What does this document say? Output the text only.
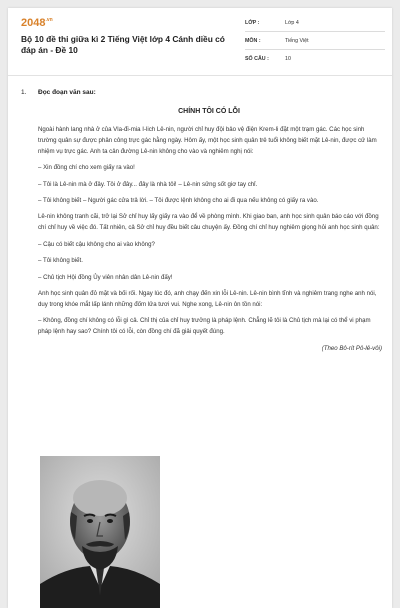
$2048^{.vn}$
Bộ 10 đề thi giữa kì 2 Tiếng Việt lớp 4 Cánh diều có đáp án - Đề 10
LỚP :	Lớp 4
MÔN :	Tiếng Việt
SỐ CÂU :	10
1. Đọc đoạn văn sau:
CHÍNH TÔI CÓ LỖI

Ngoài hành lang nhà ở của Vla-đi-mia I-lich Lê-nin, người chỉ huy đội bảo vệ điện Krem-li đặt một trạm gác. Các học sinh trường quân sự được phân công trực gác hằng ngày. Hôm ấy, một học sinh quân trẻ tuổi không biết mặt Lê-nin, được cử làm nhiệm vụ trực gác. Anh ta cản đường Lê-nin không cho vào và nghiêm nghị nói:

– Xin đồng chí cho xem giấy ra vào!

– Tôi là Lê-nin mà ở đây. Tôi ở đây... đây là nhà tôi! – Lê-nin sửng sốt giơ tay chỉ.

– Tôi không biết – Người gác cửa trả lời. – Tôi được lệnh không cho ai đi qua nếu không có giấy ra vào.

Lê-nin không tranh cãi, trở lại Sở chỉ huy lấy giấy ra vào để về phòng mình. Khi giao ban, anh học sinh quân báo cáo với đồng chí chỉ huy về việc đó. Tất nhiên, cả Sở chỉ huy đều biết câu chuyện ấy. Đồng chí chỉ huy nghiêm giọng hỏi anh học sinh quân:

– Cậu có biết cậu không cho ai vào không?

– Tôi không biết.

– Chủ tịch Hội đồng Ủy viên nhân dân Lê-nin đấy!

Anh học sinh quân đỏ mặt và bối rối. Ngay lúc đó, anh chạy đến xin lỗi Lê-nin. Lê-nin bình tĩnh và nghiêm trang nghe anh nói, duy trong khóe mắt lấp lánh những đốm lửa tươi vui. Nghe xong, Lê-nin ôn tồn nói:

– Không, đồng chí không có lỗi gì cả. Chỉ thị của chỉ huy trưởng là pháp lệnh. Chẳng lẽ tôi là Chủ tịch mà lại có thể vi phạm pháp lệnh hay sao? Chính tôi có lỗi, còn đồng chí đã giải quyết đúng.

(Theo Bô-rít Pô-lê-vôi)
